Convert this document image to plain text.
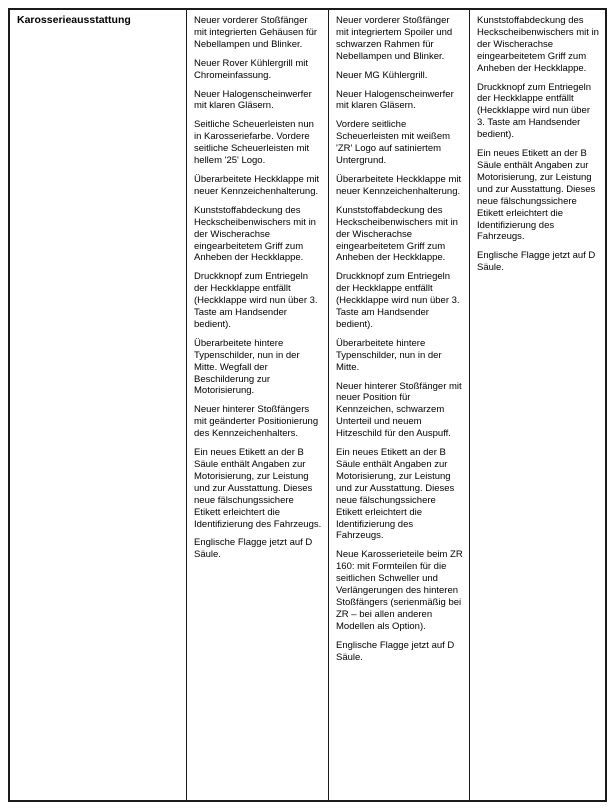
Karosserieausstattung	Neuer vorderer Stoßfänger mit integrierten Gehäusen für Nebellampen und Blinker.

Neuer Rover Kühlergrill mit Chromeinfassung.

Neuer Halogenscheinwerfer mit klaren Gläsern.

Seitliche Scheuerleisten nun in Karosseriefarbe. Vordere seitliche Scheuerleisten mit hellem '25' Logo.

Überarbeitete Heckklappe mit neuer Kennzeichenhalterung.

Kunststoffabdeckung des Heckscheibenwischers mit in der Wischerachse eingearbeitetem Griff zum Anheben der Heckklappe.

Druckknopf zum Entriegeln der Heckklappe entfällt (Heckklappe wird nun über 3. Taste am Handsender bedient).

Überarbeitete hintere Typenschilder, nun in der Mitte. Wegfall der Beschilderung zur Motorisierung.

Neuer hinterer Stoßfängers mit geänderter Positionierung des Kennzeichenhalters.

Ein neues Etikett an der B Säule enthält Angaben zur Motorisierung, zur Leistung und zur Ausstattung. Dieses neue fälschungssichere Etikett erleichtert die Identifizierung des Fahrzeugs.

Englische Flagge jetzt auf D Säule.

Neuer vorderer Stoßfänger mit integriertem Spoiler und schwarzen Rahmen für Nebellampen und Blinker.

Neuer MG Kühlergrill.

Neuer Halogenscheinwerfer mit klaren Gläsern.

Vordere seitliche Scheuerleisten mit weißem 'ZR' Logo auf satiniertem Untergrund.

Überarbeitete Heckklappe mit neuer Kennzeichenhalterung.

Kunststoffabdeckung des Heckscheibenwischers mit in der Wischerachse eingearbeitetem Griff zum Anheben der Heckklappe.

Druckknopf zum Entriegeln der Heckklappe entfällt (Heckklappe wird nun über 3. Taste am Handsender bedient).

Überarbeitete hintere Typenschilder, nun in der Mitte.

Neuer hinterer Stoßfänger mit neuer Position für Kennzeichen, schwarzem Unterteil und neuem Hitzeschild für den Auspuff.

Ein neues Etikett an der B Säule enthält Angaben zur Motorisierung, zur Leistung und zur Ausstattung. Dieses neue fälschungssichere Etikett erleichtert die Identifizierung des Fahrzeugs.

Neue Karosserieteile beim ZR 160: mit Formteilen für die seitlichen Schweller und Verlängerungen des hinteren Stoßfängers (serienmäßig bei ZR – bei allen anderen Modellen als Option).

Englische Flagge jetzt auf D Säule.

Kunststoffabdeckung des Heckscheibenwischers mit in der Wischerachse eingearbeitetem Griff zum Anheben der Heckklappe.

Druckknopf zum Entriegeln der Heckklappe entfällt (Heckklappe wird nun über 3. Taste am Handsender bedient).

Ein neues Etikett an der B Säule enthält Angaben zur Motorisierung, zur Leistung und zur Ausstattung. Dieses neue fälschungssichere Etikett erleichtert die Identifizierung des Fahrzeugs.

Englische Flagge jetzt auf D Säule.
